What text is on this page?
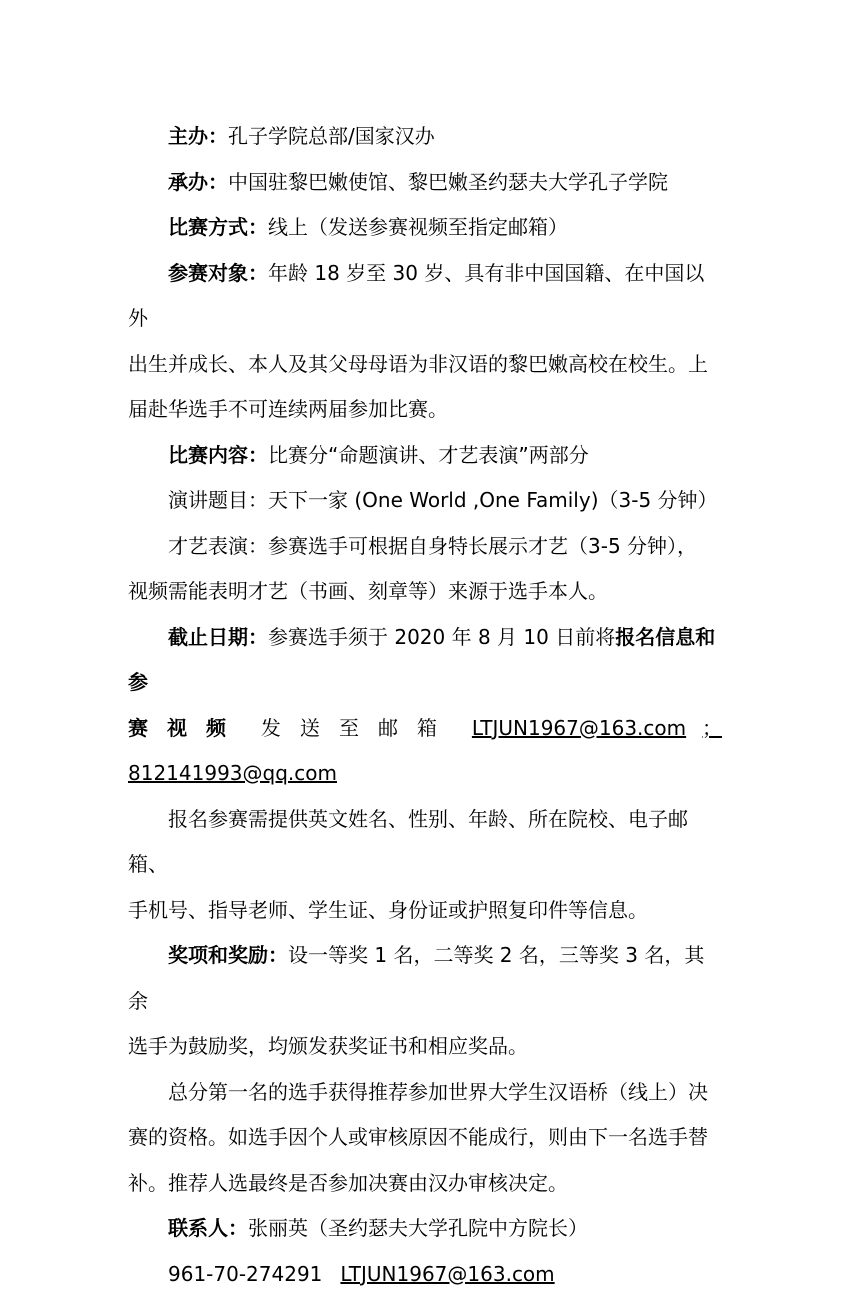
主办：孔子学院总部/国家汉办

承办：中国驻黎巴嫩使馆、黎巴嫩圣约瑟夫大学孔子学院

比赛方式：线上（发送参赛视频至指定邮箱）

参赛对象：年龄 18 岁至 30 岁、具有非中国国籍、在中国以外

出生并成长、本人及其父母母语为非汉语的黎巴嫩高校在校生。上

届赴华选手不可连续两届参加比赛。

比赛内容：比赛分“命题演讲、才艺表演”两部分

演讲题目：天下一家 (One World ,One Family)（3-5 分钟）

才艺表演：参赛选手可根据自身特长展示才艺（3-5 分钟），

视频需能表明才艺（书画、刻章等）来源于选手本人。

截止日期：参赛选手须于 2020 年 8 月 10 日前将报名信息和参

赛视频 发送至邮箱 LTJUN1967@163.com ；

812141993@qq.com

报名参赛需提供英文姓名、性别、年龄、所在院校、电子邮箱、

手机号、指导老师、学生证、身份证或护照复印件等信息。

奖项和奖励：设一等奖 1 名，二等奖 2 名，三等奖 3 名，其余

选手为鼓励奖，均颁发获奖证书和相应奖品。

总分第一名的选手获得推荐参加世界大学生汉语桥（线上）决

赛的资格。如选手因个人或审核原因不能成行，则由下一名选手替

补。推荐人选最终是否参加决赛由汉办审核决定。

联系人：张丽英（圣约瑟夫大学孔院中方院长）

961-70-274291 LTJUN1967@163.com
